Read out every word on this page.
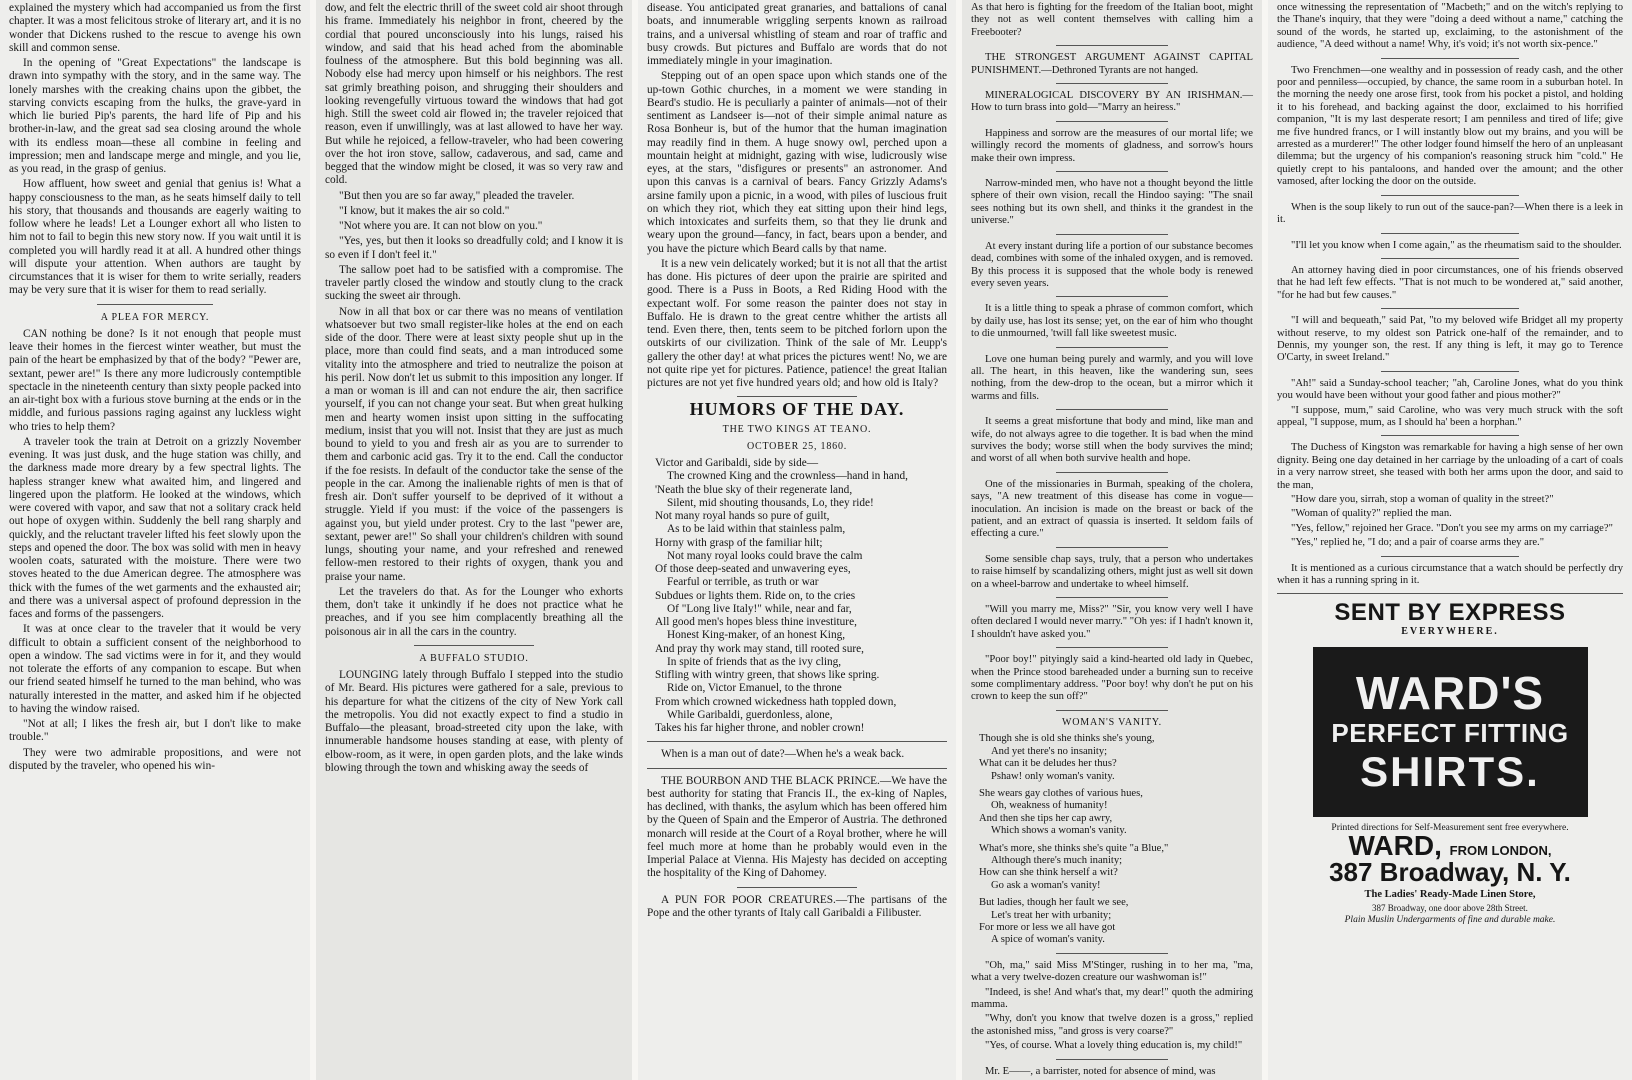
explained the mystery which had accompanied us from the first chapter. It was a most felicitous stroke of literary art, and it is no wonder that Dickens rushed to the rescue to avenge his own skill and common sense.

In the opening of "Great Expectations" the landscape is drawn into sympathy with the story, and in the same way. The lonely marshes with the creaking chains upon the gibbet, the starving convicts escaping from the hulks, the grave-yard in which lie buried Pip's parents, the hard life of Pip and his brother-in-law, and the great sad sea closing around the whole with its endless moan—these all combine in feeling and impression; men and landscape merge and mingle, and you lie, as you read, in the grasp of genius.

How affluent, how sweet and genial that genius is! What a happy consciousness to the man, as he seats himself daily to tell his story, that thousands and thousands are eagerly waiting to follow where he leads! Let a Lounger exhort all who listen to him not to fail to begin this new story now. If you wait until it is completed you will hardly read it at all. A hundred other things will dispute your attention. When authors are taught by circumstances that it is wiser for them to write serially, readers may be very sure that it is wiser for them to read serially.

A PLEA FOR MERCY.

CAN nothing be done? Is it not enough that people must leave their homes in the fiercest winter weather, but must the pain of the heart be emphasized by that of the body? "Pewer are, sextant, pewer are!" Is there any more ludicrously contemptible spectacle in the nineteenth century than sixty people packed into an air-tight box with a furious stove burning at the ends or in the middle, and furious passions raging against any luckless wight who tries to help them?

A traveler took the train at Detroit on a grizzly November evening. It was just dusk, and the huge station was chilly, and the darkness made more dreary by a few spectral lights. The hapless stranger knew what awaited him, and lingered and lingered upon the platform. He looked at the windows, which were covered with vapor, and saw that not a solitary crack held out hope of oxygen within. Suddenly the bell rang sharply and quickly, and the reluctant traveler lifted his feet slowly upon the steps and opened the door. The box was solid with men in heavy woolen coats, saturated with the moisture. There were two stoves heated to the due American degree. The atmosphere was thick with the fumes of the wet garments and the exhausted air; and there was a universal aspect of profound depression in the faces and forms of the passengers.

It was at once clear to the traveler that it would be very difficult to obtain a sufficient consent of the neighborhood to open a window. The sad victims were in for it, and they would not tolerate the efforts of any companion to escape. But when our friend seated himself he turned to the man behind, who was naturally interested in the matter, and asked him if he objected to having the window raised.

"Not at all; I likes the fresh air, but I don't like to make trouble."

They were two admirable propositions, and were not disputed by the traveler, who opened his win-

dow, and felt the electric thrill of the sweet cold air shoot through his frame. Immediately his neighbor in front, cheered by the cordial that poured unconsciously into his lungs, raised his window, and said that his head ached from the abominable foulness of the atmosphere. But this bold beginning was all. Nobody else had mercy upon himself or his neighbors. The rest sat grimly breathing poison, and shrugging their shoulders and looking revengefully virtuous toward the windows that had got high. Still the sweet cold air flowed in; the traveler rejoiced that reason, even if unwillingly, was at last allowed to have her way. But while he rejoiced, a fellow-traveler, who had been cowering over the hot iron stove, sallow, cadaverous, and sad, came and begged that the window might be closed, it was so very raw and cold.

"But then you are so far away," pleaded the traveler.

"I know, but it makes the air so cold."

"Not where you are. It can not blow on you."

"Yes, yes, but then it looks so dreadfully cold; and I know it is so even if I don't feel it."

The sallow poet had to be satisfied with a compromise. The traveler partly closed the window and stoutly clung to the crack sucking the sweet air through.

Now in all that box or car there was no means of ventilation whatsoever but two small register-like holes at the end on each side of the door. There were at least sixty people shut up in the place, more than could find seats, and a man introduced some vitality into the atmosphere and tried to neutralize the poison at his peril. Now don't let us submit to this imposition any longer. If a man or woman is ill and can not endure the air, then sacrifice yourself, if you can not change your seat. But when great hulking men and hearty women insist upon sitting in the suffocating medium, insist that you will not. Insist that they are just as much bound to yield to you and fresh air as you are to surrender to them and carbonic acid gas. Try it to the end. Call the conductor if the foe resists. In default of the conductor take the sense of the people in the car. Among the inalienable rights of men is that of fresh air. Don't suffer yourself to be deprived of it without a struggle. Yield if you must: if the voice of the passengers is against you, but yield under protest. Cry to the last "pewer are, sextant, pewer are!" So shall your children's children with sound lungs, shouting your name, and your refreshed and renewed fellow-men restored to their rights of oxygen, thank you and praise your name.

Let the travelers do that. As for the Lounger who exhorts them, don't take it unkindly if he does not practice what he preaches, and if you see him complacently breathing all the poisonous air in all the cars in the country.

A BUFFALO STUDIO.

LOUNGING lately through Buffalo I stepped into the studio of Mr. Beard. His pictures were gathered for a sale, previous to his departure for what the citizens of the city of New York call the metropolis. You did not exactly expect to find a studio in Buffalo—the pleasant, broad-streeted city upon the lake, with innumerable handsome houses standing at ease, with plenty of elbow-room, as it were, in open garden plots, and the lake winds blowing through the town and whisking away the seeds of

disease. You anticipated great granaries, and battalions of canal boats, and innumerable wriggling serpents known as railroad trains, and a universal whistling of steam and roar of traffic and busy crowds. But pictures and Buffalo are words that do not immediately mingle in your imagination.

Stepping out of an open space upon which stands one of the up-town Gothic churches, in a moment we were standing in Beard's studio. He is peculiarly a painter of animals—not of their sentiment as Landseer is—not of their simple animal nature as Rosa Bonheur is, but of the humor that the human imagination may readily find in them. A huge snowy owl, perched upon a mountain height at midnight, gazing with wise, ludicrously wise eyes, at the stars, "disfigures or presents" an astronomer. And upon this canvas is a carnival of bears. Fancy Grizzly Adams's arsine family upon a picnic, in a wood, with piles of luscious fruit on which they riot, which they eat sitting upon their hind legs, which intoxicates and surfeits them, so that they lie drunk and weary upon the ground—fancy, in fact, bears upon a bender, and you have the picture which Beard calls by that name.

It is a new vein delicately worked; but it is not all that the artist has done. His pictures of deer upon the prairie are spirited and good. There is a Puss in Boots, a Red Riding Hood with the expectant wolf. For some reason the painter does not stay in Buffalo. He is drawn to the great centre whither the artists all tend. Even there, then, tents seem to be pitched forlorn upon the outskirts of our civilization. Think of the sale of Mr. Leupp's gallery the other day! at what prices the pictures went! No, we are not quite ripe yet for pictures. Patience, patience! the great Italian pictures are not yet five hundred years old; and how old is Italy?

HUMORS OF THE DAY.
THE TWO KINGS AT TEANO.
OCTOBER 25, 1860.
Victor and Garibaldi, side by side—
The crowned King and the crownless—hand in hand,
'Neath the blue sky of their regenerate land,
Silent, mid shouting thousands, Lo, they ride!
Not many royal hands so pure of guilt,
As to be laid within that stainless palm,
Horny with grasp of the familiar hilt;
Not many royal looks could brave the calm
Of those deep-seated and unwavering eyes,
Fearful or terrible, as truth or war
Subdues or lights them. Ride on, to the cries
Of "Long live Italy!" while, near and far,
All good men's hopes bless thine investiture,
Honest King-maker, of an honest King,
And pray thy work may stand, till rooted sure,
In spite of friends that as the ivy cling,
Stifling with wintry green, that shows like spring.
Ride on, Victor Emanuel, to the throne
From which crowned wickedness hath toppled down,
While Garibaldi, guerdonless, alone,
Takes his far higher throne, and nobler crown!

When is a man out of date?—When he's a weak back.

THE BOURBON AND THE BLACK PRINCE.—We have the best authority for stating that Francis II., the ex-king of Naples, has declined, with thanks, the asylum which has been offered him by the Queen of Spain and the Emperor of Austria. The dethroned monarch will reside at the Court of a Royal brother, where he will feel much more at home than he probably would even in the Imperial Palace at Vienna. His Majesty has decided on accepting the hospitality of the King of Dahomey.

A PUN FOR POOR CREATURES.—The partisans of the Pope and the other tyrants of Italy call Garibaldi a Filibuster.

As that hero is fighting for the freedom of the Italian boot, might they not as well content themselves with calling him a Freebooter?

THE STRONGEST ARGUMENT AGAINST CAPITAL PUNISHMENT.—Dethroned Tyrants are not hanged.

MINERALOGICAL DISCOVERY BY AN IRISHMAN.—How to turn brass into gold—"Marry an heiress."

Happiness and sorrow are the measures of our mortal life; we willingly record the moments of gladness, and sorrow's hours make their own impress.

Narrow-minded men, who have not a thought beyond the little sphere of their own vision, recall the Hindoo saying: "The snail sees nothing but its own shell, and thinks it the grandest in the universe."

At every instant during life a portion of our substance becomes dead, combines with some of the inhaled oxygen, and is removed. By this process it is supposed that the whole body is renewed every seven years.

It is a little thing to speak a phrase of common comfort, which by daily use, has lost its sense; yet, on the ear of him who thought to die unmourned, 'twill fall like sweetest music.

Love one human being purely and warmly, and you will love all. The heart, in this heaven, like the wandering sun, sees nothing, from the dew-drop to the ocean, but a mirror which it warms and fills.

It seems a great misfortune that body and mind, like man and wife, do not always agree to die together. It is bad when the mind survives the body; worse still when the body survives the mind; and worst of all when both survive health and hope.

One of the missionaries in Burmah, speaking of the cholera, says, "A new treatment of this disease has come in vogue—inoculation. An incision is made on the breast or back of the patient, and an extract of quassia is inserted. It seldom fails of effecting a cure."

Some sensible chap says, truly, that a person who undertakes to raise himself by scandalizing others, might just as well sit down on a wheel-barrow and undertake to wheel himself.

"Will you marry me, Miss?" "Sir, you know very well I have often declared I would never marry." "Oh yes: if I hadn't known it, I shouldn't have asked you."

"Poor boy!" pityingly said a kind-hearted old lady in Quebec, when the Prince stood bareheaded under a burning sun to receive some complimentary address. "Poor boy! why don't he put on his crown to keep the sun off?"

WOMAN'S VANITY.
Though she is old she thinks she's young,
And yet there's no insanity;
What can it be deludes her thus?
Pshaw! only woman's vanity.

She wears gay clothes of various hues,
Oh, weakness of humanity!
And then she tips her cap awry,
Which shows a woman's vanity.

What's more, she thinks she's quite "a Blue,"
Although there's much inanity;
How can she think herself a wit?
Go ask a woman's vanity!

But ladies, though her fault we see,
Let's treat her with urbanity;
For more or less we all have got
A spice of woman's vanity.

"Oh, ma," said Miss M'Stinger, rushing in to her ma, "ma, what a very twelve-dozen creature our washwoman is!"

"Indeed, is she! And what's that, my dear!" quoth the admiring mamma.

"Why, don't you know that twelve dozen is a gross," replied the astonished miss, "and gross is very coarse?"

"Yes, of course. What a lovely thing education is, my child!"

Mr. E——, a barrister, noted for absence of mind, was

once witnessing the representation of "Macbeth;" and on the witch's replying to the Thane's inquiry, that they were "doing a deed without a name," catching the sound of the words, he started up, exclaiming, to the astonishment of the audience, "A deed without a name! Why, it's void; it's not worth six-pence."

Two Frenchmen—one wealthy and in possession of ready cash, and the other poor and penniless—occupied, by chance, the same room in a suburban hotel. In the morning the needy one arose first, took from his pocket a pistol, and holding it to his forehead, and backing against the door, exclaimed to his horrified companion, "It is my last desperate resort; I am penniless and tired of life; give me five hundred francs, or I will instantly blow out my brains, and you will be arrested as a murderer!" The other lodger found himself the hero of an unpleasant dilemma; but the urgency of his companion's reasoning struck him "cold." He quietly crept to his pantaloons, and handed over the amount; and the other vamosed, after locking the door on the outside.

When is the soup likely to run out of the sauce-pan?—When there is a leek in it.

"I'll let you know when I come again," as the rheumatism said to the shoulder.

An attorney having died in poor circumstances, one of his friends observed that he had left few effects. "That is not much to be wondered at," said another, "for he had but few causes."

"I will and bequeath," said Pat, "to my beloved wife Bridget all my property without reserve, to my oldest son Patrick one-half of the remainder, and to Dennis, my younger son, the rest. If any thing is left, it may go to Terence O'Carty, in sweet Ireland."

"Ah!" said a Sunday-school teacher; "ah, Caroline Jones, what do you think you would have been without your good father and pious mother?"

"I suppose, mum," said Caroline, who was very much struck with the soft appeal, "I suppose, mum, as I should ha' been a horphan."

The Duchess of Kingston was remarkable for having a high sense of her own dignity. Being one day detained in her carriage by the unloading of a cart of coals in a very narrow street, she teased with both her arms upon the door, and said to the man,

"How dare you, sirrah, stop a woman of quality in the street?"

"Woman of quality?" replied the man.

"Yes, fellow," rejoined her Grace. "Don't you see my arms on my carriage?"

"Yes," replied he, "I do; and a pair of coarse arms they are."

It is mentioned as a curious circumstance that a watch should be perfectly dry when it has a running spring in it.

SENT BY EXPRESS
EVERYWHERE.
WARD'S
PERFECT FITTING
SHIRTS.
Printed directions for Self-Measurement sent free everywhere.
WARD, FROM LONDON,
387 Broadway, N. Y.
The Ladies' Ready-Made Linen Store,
387 Broadway, one door above 28th Street.
Plain Muslin Undergarments of fine and durable make.
